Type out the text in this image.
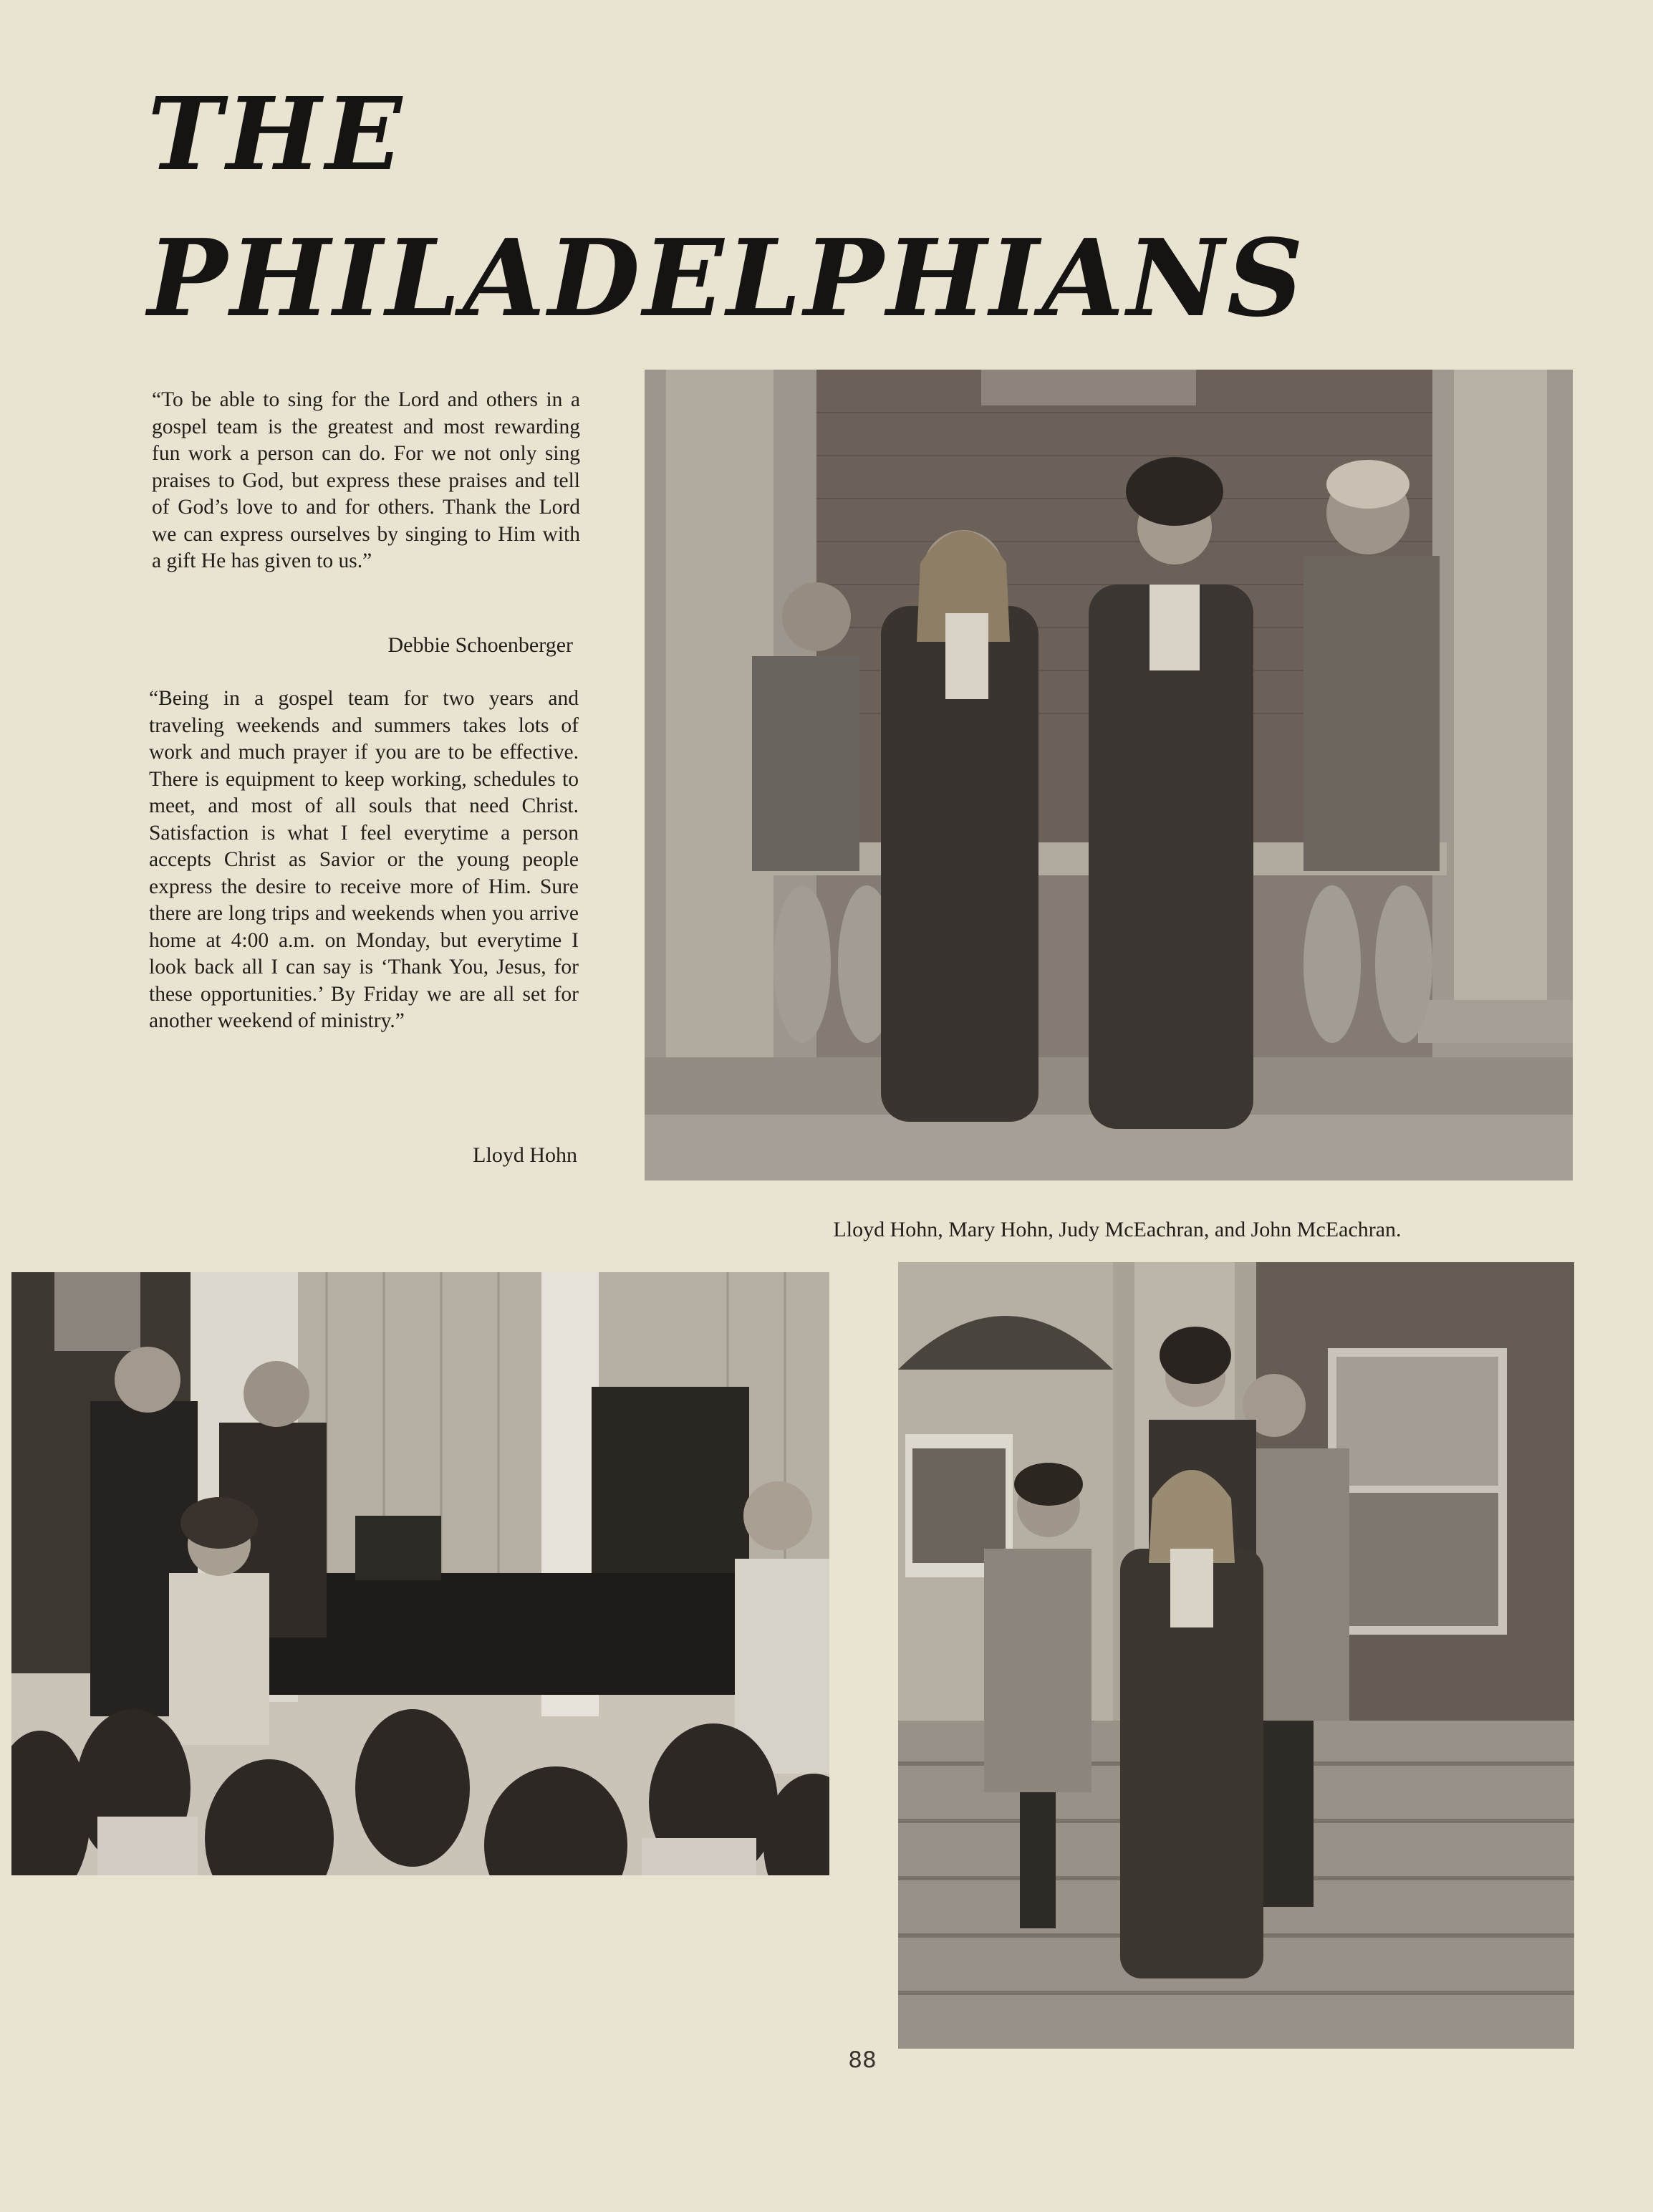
THE
PHILADELPHIANS

“To be able to sing for the Lord and others in a gospel team is the greatest and most rewarding fun work a person can do. For we not only sing praises to God, but express these praises and tell of God’s love to and for others. Thank the Lord we can express ourselves by singing to Him with a gift He has given to us.”

Debbie Schoenberger

“Being in a gospel team for two years and traveling weekends and summers takes lots of work and much prayer if you are to be effective. There is equipment to keep working, schedules to meet, and most of all souls that need Christ. Satisfaction is what I feel everytime a person accepts Christ as Savior or the young people express the desire to receive more of Him. Sure there are long trips and weekends when you arrive home at 4:00 a.m. on Monday, but everytime I look back all I can say is ‘Thank You, Jesus, for these opportunities.’ By Friday we are all set for another weekend of ministry.”

Lloyd Hohn

Lloyd Hohn, Mary Hohn, Judy McEachran, and John McEachran.

88
